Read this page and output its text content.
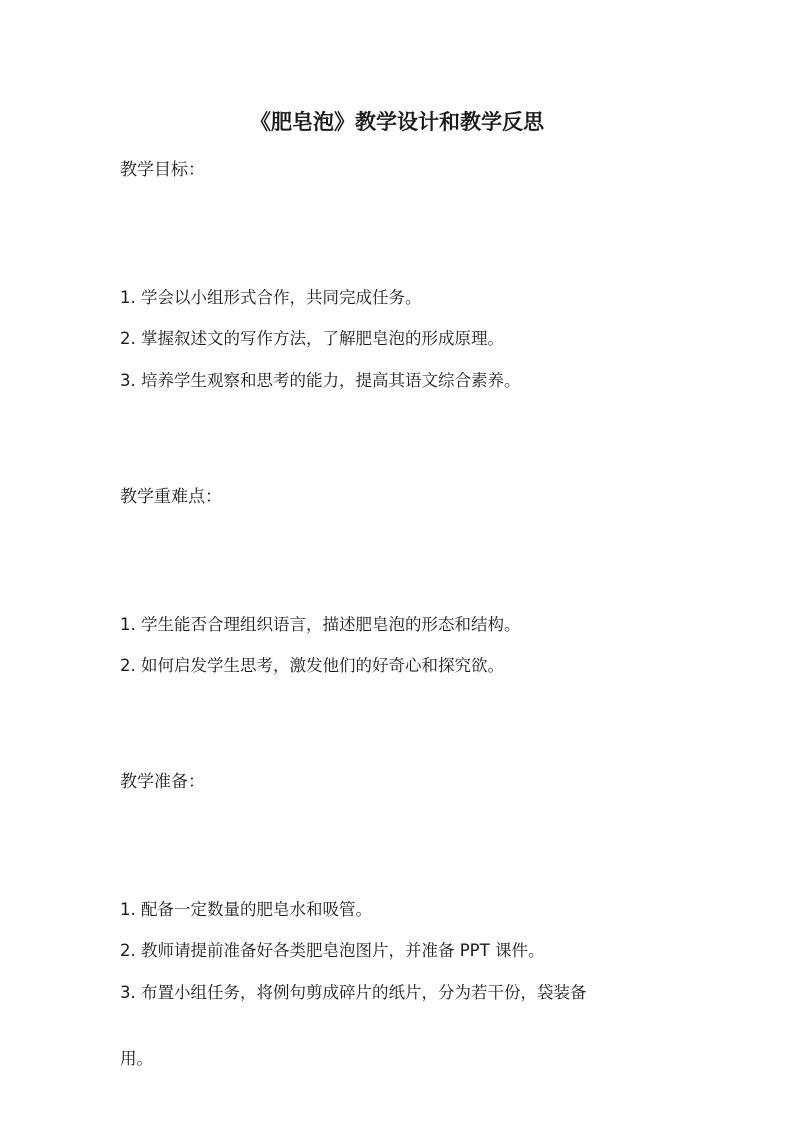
《肥皂泡》教学设计和教学反思
教学目标：
1. 学会以小组形式合作，共同完成任务。
2. 掌握叙述文的写作方法，了解肥皂泡的形成原理。
3. 培养学生观察和思考的能力，提高其语文综合素养。
教学重难点：
1. 学生能否合理组织语言，描述肥皂泡的形态和结构。
2. 如何启发学生思考，激发他们的好奇心和探究欲。
教学准备：
1. 配备一定数量的肥皂水和吸管。
2. 教师请提前准备好各类肥皂泡图片，并准备 PPT 课件。
3. 布置小组任务，将例句剪成碎片的纸片，分为若干份，袋装备
用。
